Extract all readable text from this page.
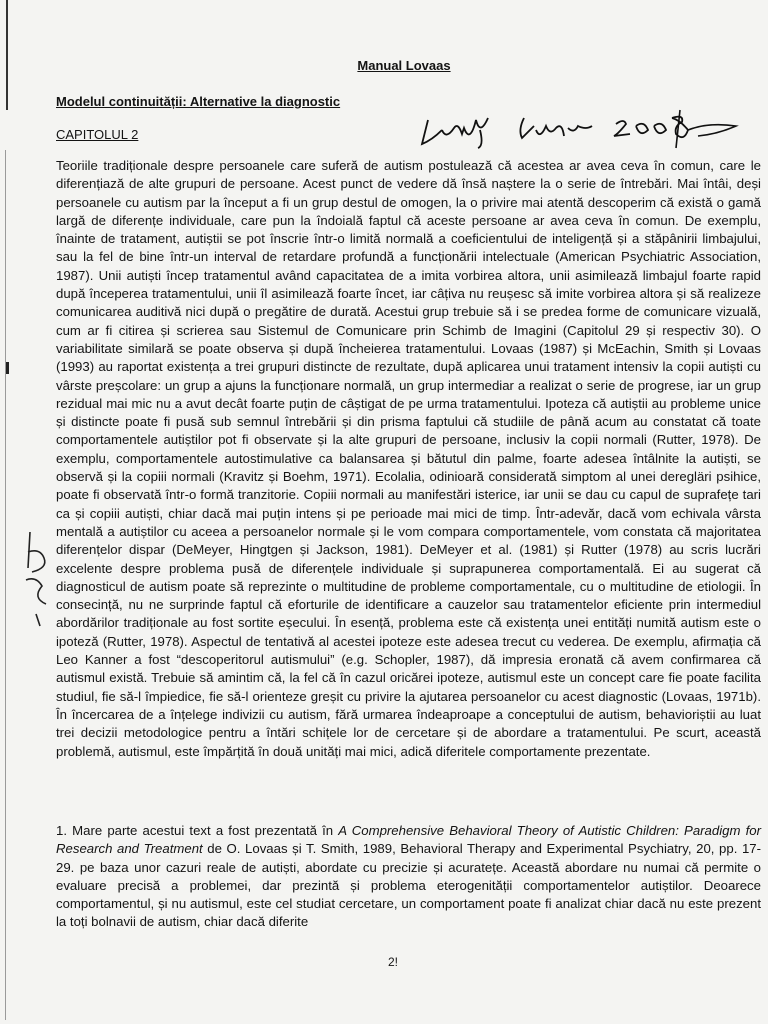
Manual Lovaas
Modelul continuității: Alternative la diagnostic
CAPITOLUL 2

Teoriile tradiționale despre persoanele care suferă de autism postulează că acestea ar avea ceva în comun, care le diferențiază de alte grupuri de persoane. Acest punct de vedere dă însă naștere la o serie de întrebări. Mai întâi, deși persoanele cu autism par la început a fi un grup destul de omogen, la o privire mai atentă descoperim că există o gamă largă de diferențe individuale, care pun la îndoială faptul că aceste persoane ar avea ceva în comun. De exemplu, înainte de tratament, autiștii se pot înscrie într-o limită normală a coeficientului de inteligență și a stăpânirii limbajului, sau la fel de bine într-un interval de retardare profundă a funcționării intelectuale (American Psychiatric Association, 1987). Unii autiști încep tratamentul având capacitatea de a imita vorbirea altora, unii asimilează limbajul foarte rapid după începerea tratamentului, unii îl asimilează foarte încet, iar câțiva nu reușesc să imite vorbirea altora și să realizeze comunicarea auditivă nici după o pregătire de durată. Acestui grup trebuie să i se predea forme de comunicare vizuală, cum ar fi citirea și scrierea sau Sistemul de Comunicare prin Schimb de Imagini (Capitolul 29 și respectiv 30). O variabilitate similară se poate observa și după încheierea tratamentului. Lovaas (1987) și McEachin, Smith și Lovaas (1993) au raportat existența a trei grupuri distincte de rezultate, după aplicarea unui tratament intensiv la copii autiști cu vârste preșcolare: un grup a ajuns la funcționare normală, un grup intermediar a realizat o serie de progrese, iar un grup rezidual mai mic nu a avut decât foarte puțin de câștigat de pe urma tratamentului. Ipoteza că autiștii au probleme unice și distincte poate fi pusă sub semnul întrebării și din prisma faptului că studiile de până acum au constatat că toate comportamentele autiștilor pot fi observate și la alte grupuri de persoane, inclusiv la copii normali (Rutter, 1978). De exemplu, comportamentele autostimulative ca balansarea și bătutul din palme, foarte adesea întâlnite la autiști, se observă și la copiii normali (Kravitz și Boehm, 1971). Ecolalia, odinioară considerată simptom al unei deregläri psihice, poate fi observată într-o formă tranzitorie. Copiii normali au manifestări isterice, iar unii se dau cu capul de suprafețe tari ca și copiii autiști, chiar dacă mai puțin intens și pe perioade mai mici de timp. Într-adevăr, dacă vom echivala vârsta mentală a autiștilor cu aceea a persoanelor normale și le vom compara comportamentele, vom constata că majoritatea diferențelor dispar (DeMeyer, Hingtgen și Jackson, 1981). DeMeyer et al. (1981) și Rutter (1978) au scris lucrări excelente despre problema pusă de diferențele individuale și suprapunerea comportamentală. Ei au sugerat că diagnosticul de autism poate să reprezinte o multitudine de probleme comportamentale, cu o multitudine de etiologii. În consecință, nu ne surprinde faptul că eforturile de identificare a cauzelor sau tratamentelor eficiente prin intermediul abordărilor tradiționale au fost sortite eșecului. În esență, problema este că existența unei entități numită autism este o ipoteză (Rutter, 1978). Aspectul de tentativă al acestei ipoteze este adesea trecut cu vederea. De exemplu, afirmația că Leo Kanner a fost “descoperitorul autismului” (e.g. Schopler, 1987), dă impresia eronată că avem confirmarea că autismul există. Trebuie să amintim că, la fel că în cazul oricărei ipoteze, autismul este un concept care fie poate facilita studiul, fie să-l împiedice, fie să-l orienteze greșit cu privire la ajutarea persoanelor cu acest diagnostic (Lovaas, 1971b). În încercarea de a înțelege indivizii cu autism, fără urmarea îndeaproape a conceptului de autism, behavioriștii au luat trei decizii metodologice pentru a întări schițele lor de cercetare și de abordare a tratamentului. Pe scurt, această problemă, autismul, este împărțită în două unități mai mici, adică diferitele comportamente prezentate.

1. Mare parte acestui text a fost prezentată în A Comprehensive Behavioral Theory of Autistic Children: Paradigm for Research and Treatment de O. Lovaas și T. Smith, 1989, Behavioral Therapy and Experimental Psychiatry, 20, pp. 17-29. pe baza unor cazuri reale de autiști, abordate cu precizie și acuratețe. Această abordare nu numai că permite o evaluare precisă a problemei, dar prezintă și problema eterogenității comportamentelor autiștilor. Deoarece comportamentul, și nu autismul, este cel studiat cercetare, un comportament poate fi analizat chiar dacă nu este prezent la toți bolnavii de autism, chiar dacă diferite

2!
